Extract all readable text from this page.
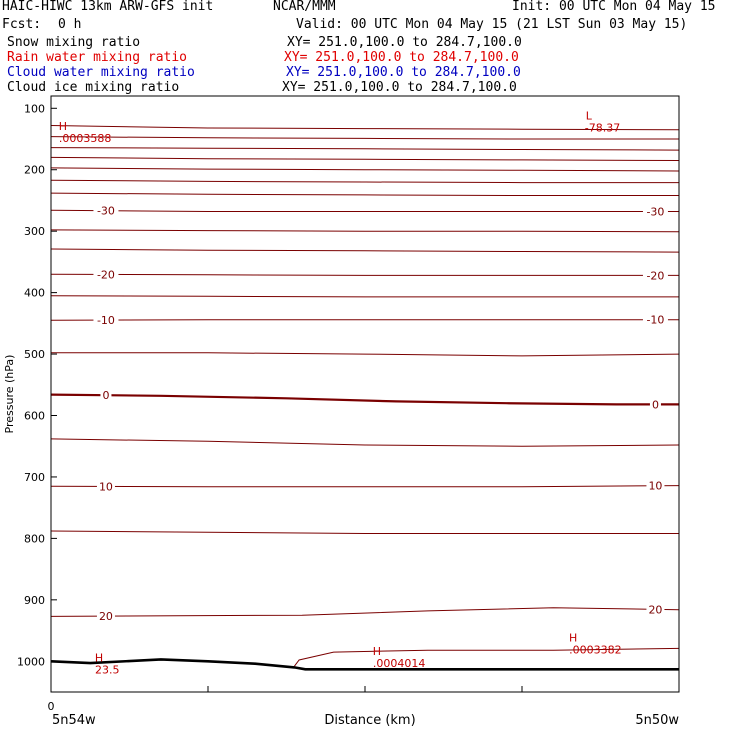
HAIC-HIWC 13km ARW-GFS init	NCAR/MMM	Init: 00 UTC Mon 04 May 15
Fcst: 0 h	Valid: 00 UTC Mon 04 May 15 (21 LST Sun 03 May 15)
Snow mixing ratio	XY= 251.0,100.0 to 284.7,100.0
Rain water mixing ratio	XY= 251.0,100.0 to 284.7,100.0
Cloud water mixing ratio	XY= 251.0,100.0 to 284.7,100.0
Cloud ice mixing ratio	XY= 251.0,100.0 to 284.7,100.0
-30	-30
-20	-20
-10	-10
0
0
10	10
20
20
100
200
300
400
500
600
700
800
900
1000
0
L
-78.37
H
.0003588
H
.0004014
H
.0003382
H
23.5
Pressure (hPa)
Distance (km)
5n54w	5n50w
